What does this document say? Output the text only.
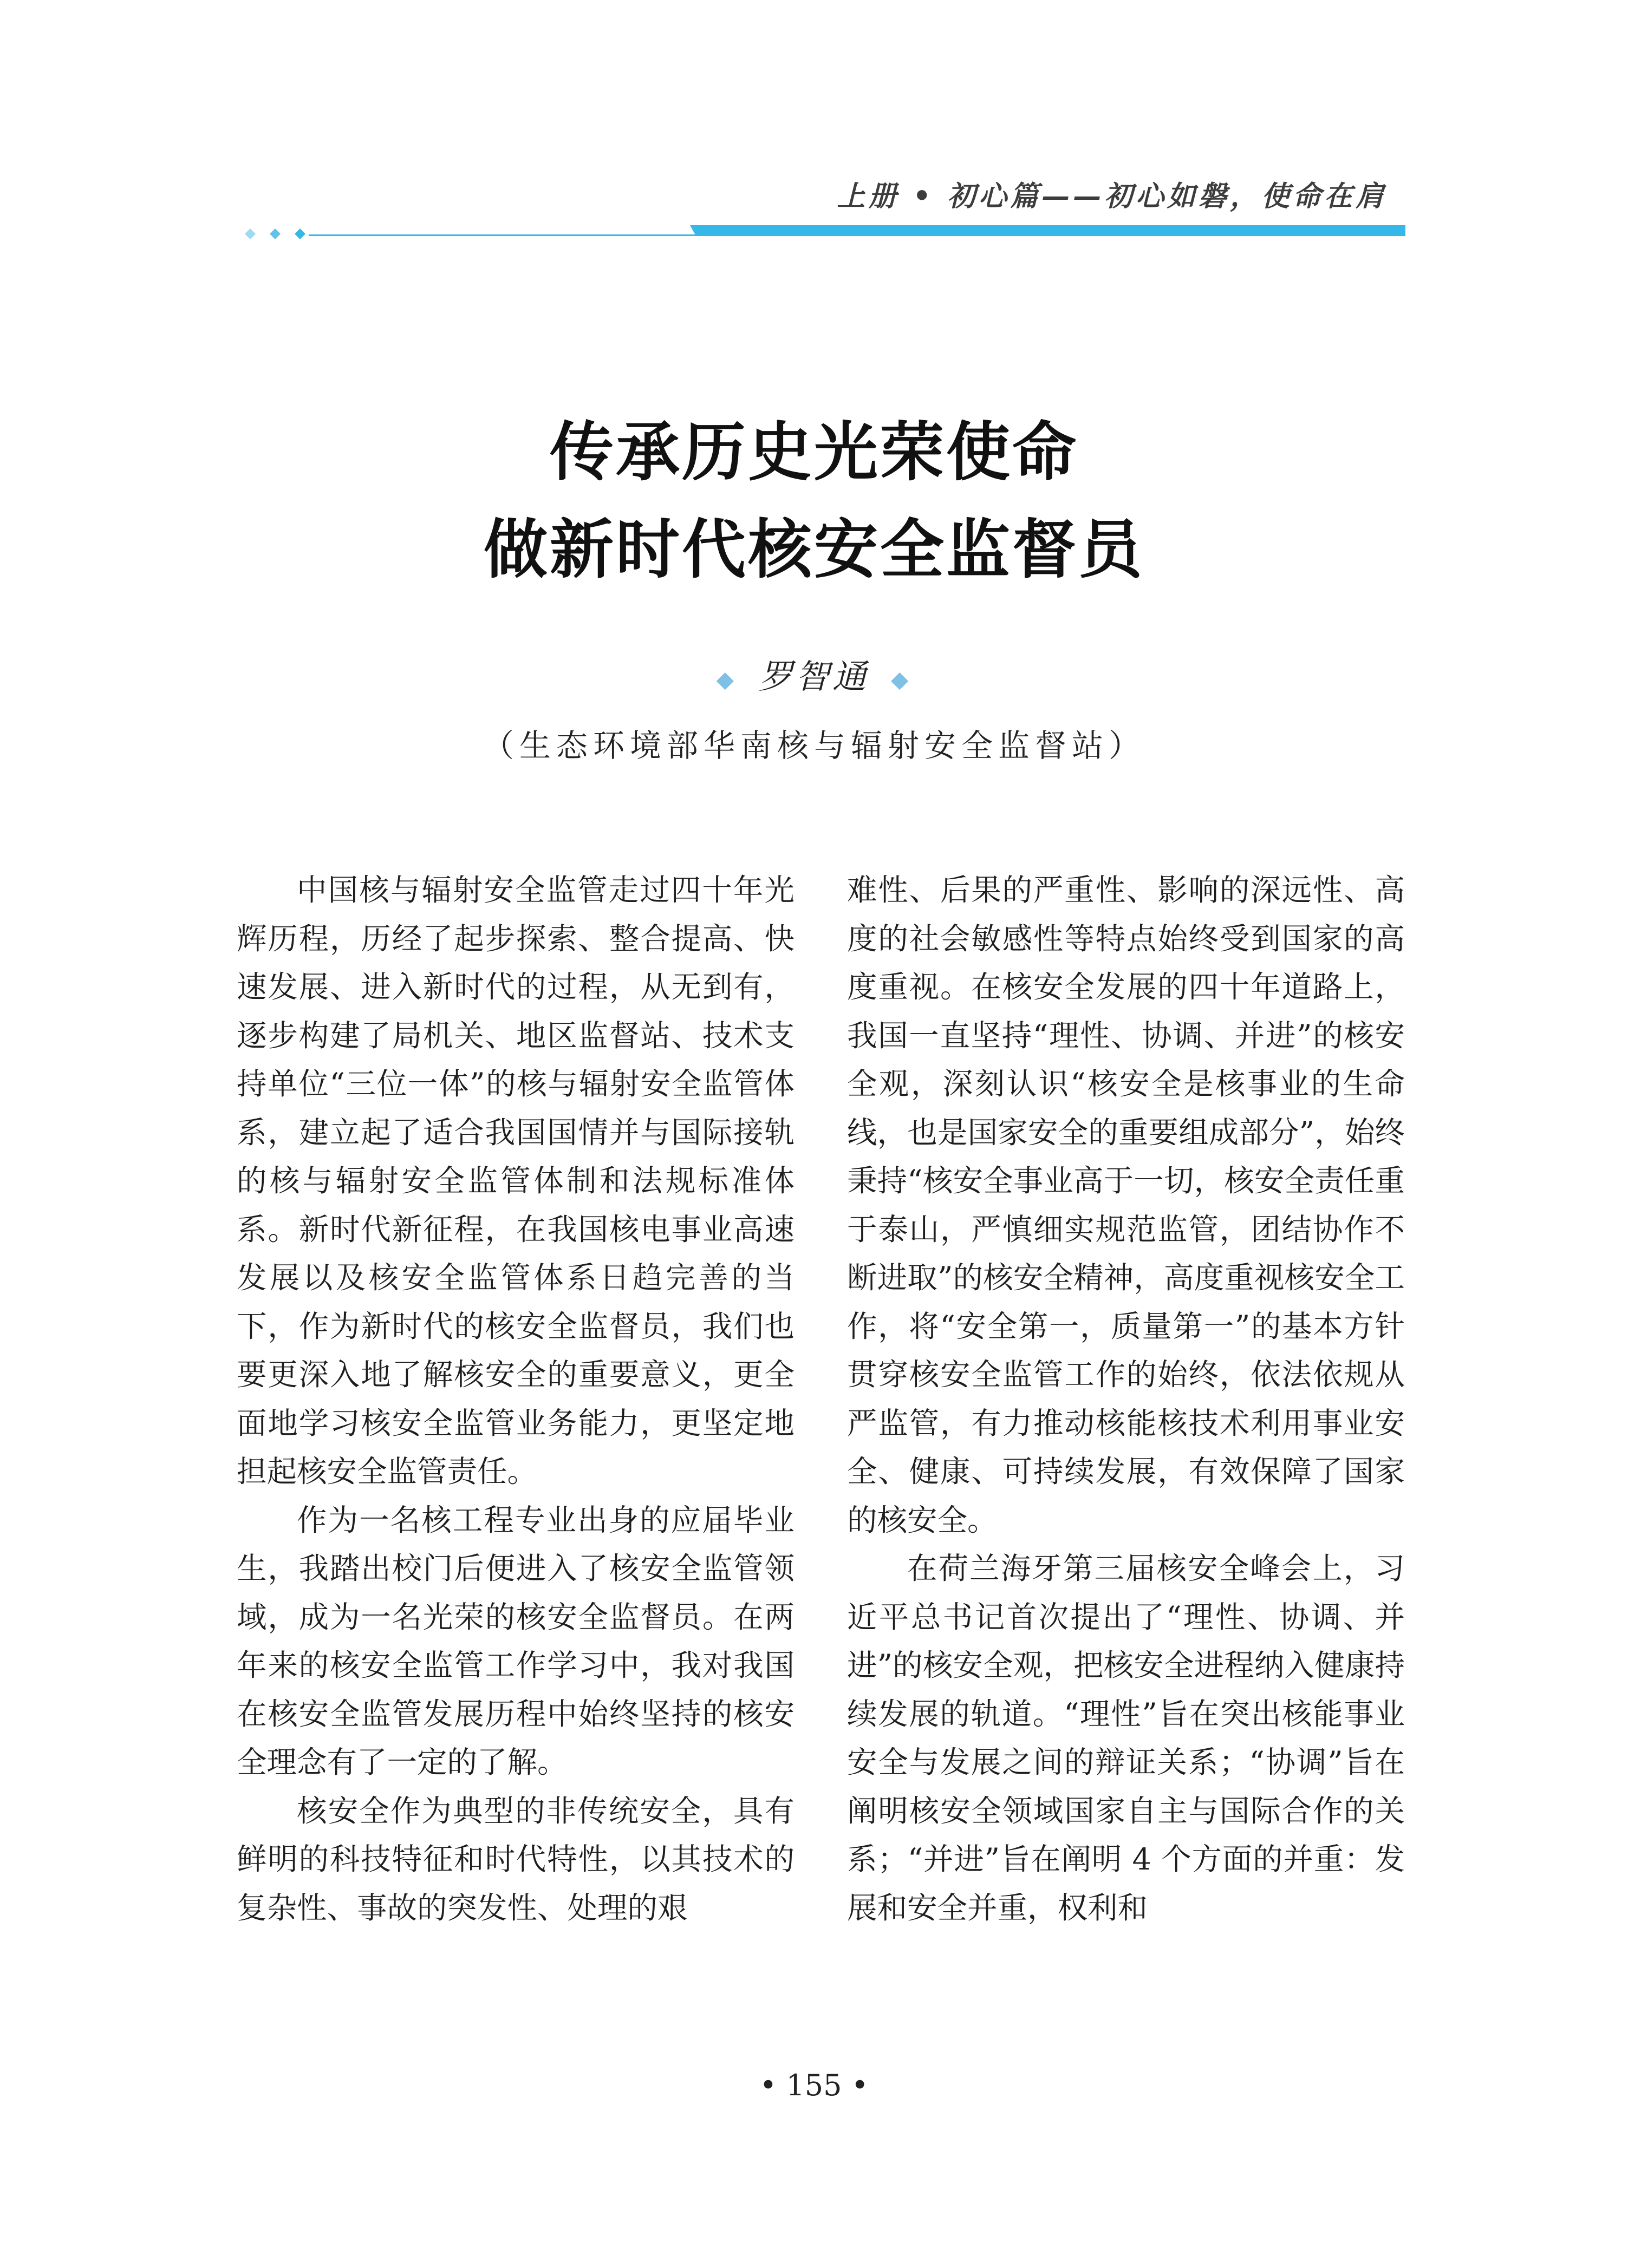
上册 • 初心篇——初心如磐，使命在肩
传承历史光荣使命
做新时代核安全监督员
◆ 罗智通 ◆
（生态环境部华南核与辐射安全监督站）

中国核与辐射安全监管走过四十年光辉历程，历经了起步探索、整合提高、快速发展、进入新时代的过程，从无到有，逐步构建了局机关、地区监督站、技术支持单位“三位一体”的核与辐射安全监管体系，建立起了适合我国国情并与国际接轨的核与辐射安全监管体制和法规标准体系。新时代新征程，在我国核电事业高速发展以及核安全监管体系日趋完善的当下，作为新时代的核安全监督员，我们也要更深入地了解核安全的重要意义，更全面地学习核安全监管业务能力，更坚定地担起核安全监管责任。

作为一名核工程专业出身的应届毕业生，我踏出校门后便进入了核安全监管领域，成为一名光荣的核安全监督员。在两年来的核安全监管工作学习中，我对我国在核安全监管发展历程中始终坚持的核安全理念有了一定的了解。

核安全作为典型的非传统安全，具有鲜明的科技特征和时代特性，以其技术的复杂性、事故的突发性、处理的艰

难性、后果的严重性、影响的深远性、高度的社会敏感性等特点始终受到国家的高度重视。在核安全发展的四十年道路上，我国一直坚持“理性、协调、并进”的核安全观，深刻认识“核安全是核事业的生命线，也是国家安全的重要组成部分”，始终秉持“核安全事业高于一切，核安全责任重于泰山，严慎细实规范监管，团结协作不断进取”的核安全精神，高度重视核安全工作，将“安全第一，质量第一”的基本方针贯穿核安全监管工作的始终，依法依规从严监管，有力推动核能核技术利用事业安全、健康、可持续发展，有效保障了国家的核安全。

在荷兰海牙第三届核安全峰会上，习近平总书记首次提出了“理性、协调、并进”的核安全观，把核安全进程纳入健康持续发展的轨道。“理性”旨在突出核能事业安全与发展之间的辩证关系；“协调”旨在阐明核安全领域国家自主与国际合作的关系；“并进”旨在阐明 4 个方面的并重：发展和安全并重，权利和

• 155 •
